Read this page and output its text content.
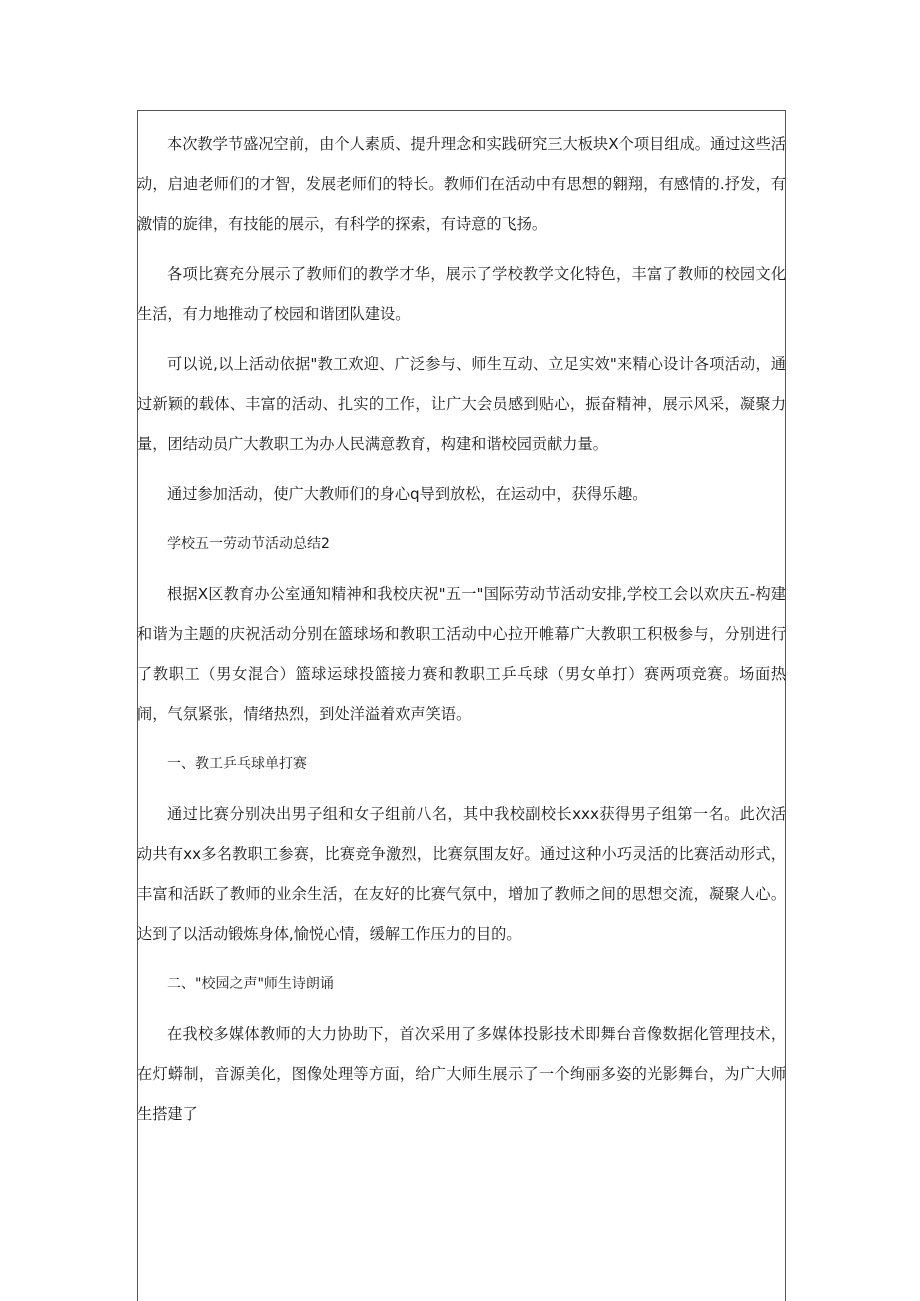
本次教学节盛况空前，由个人素质、提升理念和实践研究三大板块X个项目组成。通过这些活动，启迪老师们的才智，发展老师们的特长。教师们在活动中有思想的翱翔，有感情的.抒发，有激情的旋律，有技能的展示，有科学的探索，有诗意的飞扬。

各项比赛充分展示了教师们的教学才华，展示了学校教学文化特色，丰富了教师的校园文化生活，有力地推动了校园和谐团队建设。

可以说,以上活动依据"教工欢迎、广泛参与、师生互动、立足实效"来精心设计各项活动，通过新颖的载体、丰富的活动、扎实的工作，让广大会员感到贴心，振奋精神，展示风采，凝聚力量，团结动员广大教职工为办人民满意教育，构建和谐校园贡献力量。

通过参加活动，使广大教师们的身心q导到放松，在运动中，获得乐趣。

学校五一劳动节活动总结2

根据X区教育办公室通知精神和我校庆祝"五一"国际劳动节活动安排,学校工会以欢庆五-构建和谐为主题的庆祝活动分别在篮球场和教职工活动中心拉开帷幕广大教职工积极参与，分别进行了教职工（男女混合）篮球运球投篮接力赛和教职工乒乓球（男女单打）赛两项竞赛。场面热闹，气氛紧张，情绪热烈，到处洋溢着欢声笑语。

一、教工乒乓球单打赛

通过比赛分别决出男子组和女子组前八名，其中我校副校长xxx获得男子组第一名。此次活动共有xx多名教职工参赛，比赛竞争激烈，比赛氛围友好。通过这种小巧灵活的比赛活动形式，丰富和活跃了教师的业余生活，在友好的比赛气氛中，增加了教师之间的思想交流，凝聚人心。达到了以活动锻炼身体,愉悦心情，缓解工作压力的目的。

二、"校园之声"师生诗朗诵

在我校多媒体教师的大力协助下，首次采用了多媒体投影技术即舞台音像数据化管理技术，在灯蟒制，音源美化，图像处理等方面，给广大师生展示了一个绚丽多姿的光影舞台，为广大师生搭建了
